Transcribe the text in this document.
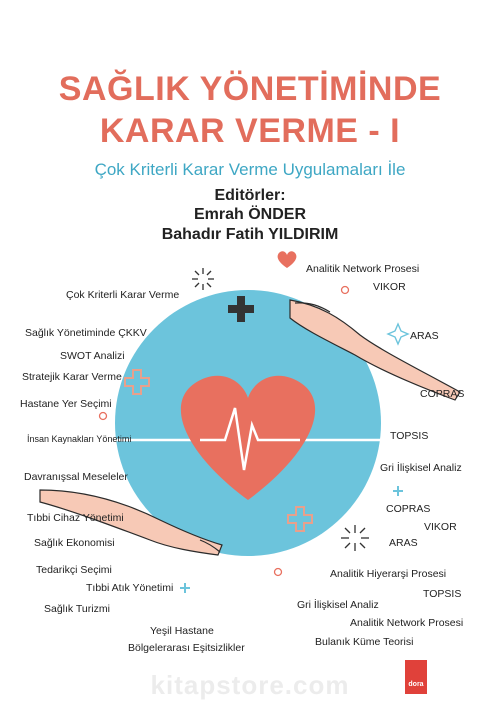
SAĞLIK YÖNETİMİNDE
KARAR VERME - I
Çok Kriterli Karar Verme Uygulamaları İle
Editörler:
Emrah ÖNDER
Bahadır Fatih YILDIRIM
Çok Kriterli Karar Verme
Sağlık Yönetiminde ÇKKV
SWOT Analizi
Stratejik Karar Verme
Hastane Yer Seçimi
İnsan Kaynakları Yönetimi
Davranışsal Meseleler
Tıbbi Cihaz Yönetimi
Sağlık Ekonomisi
Tedarikçi Seçimi
Tıbbi Atık Yönetimi
Sağlık Turizmi
Yeşil Hastane
Bölgelerarası Eşitsizlikler
Analitik Network Prosesi
VIKOR
ARAS
COPRAS
TOPSIS
Gri İlişkisel Analiz
COPRAS
VIKOR
ARAS
Analitik Hiyerarşi Prosesi
TOPSIS
Gri İlişkisel Analiz
Analitik Network Prosesi
Bulanık Küme Teorisi
kitapstore.com	dora
